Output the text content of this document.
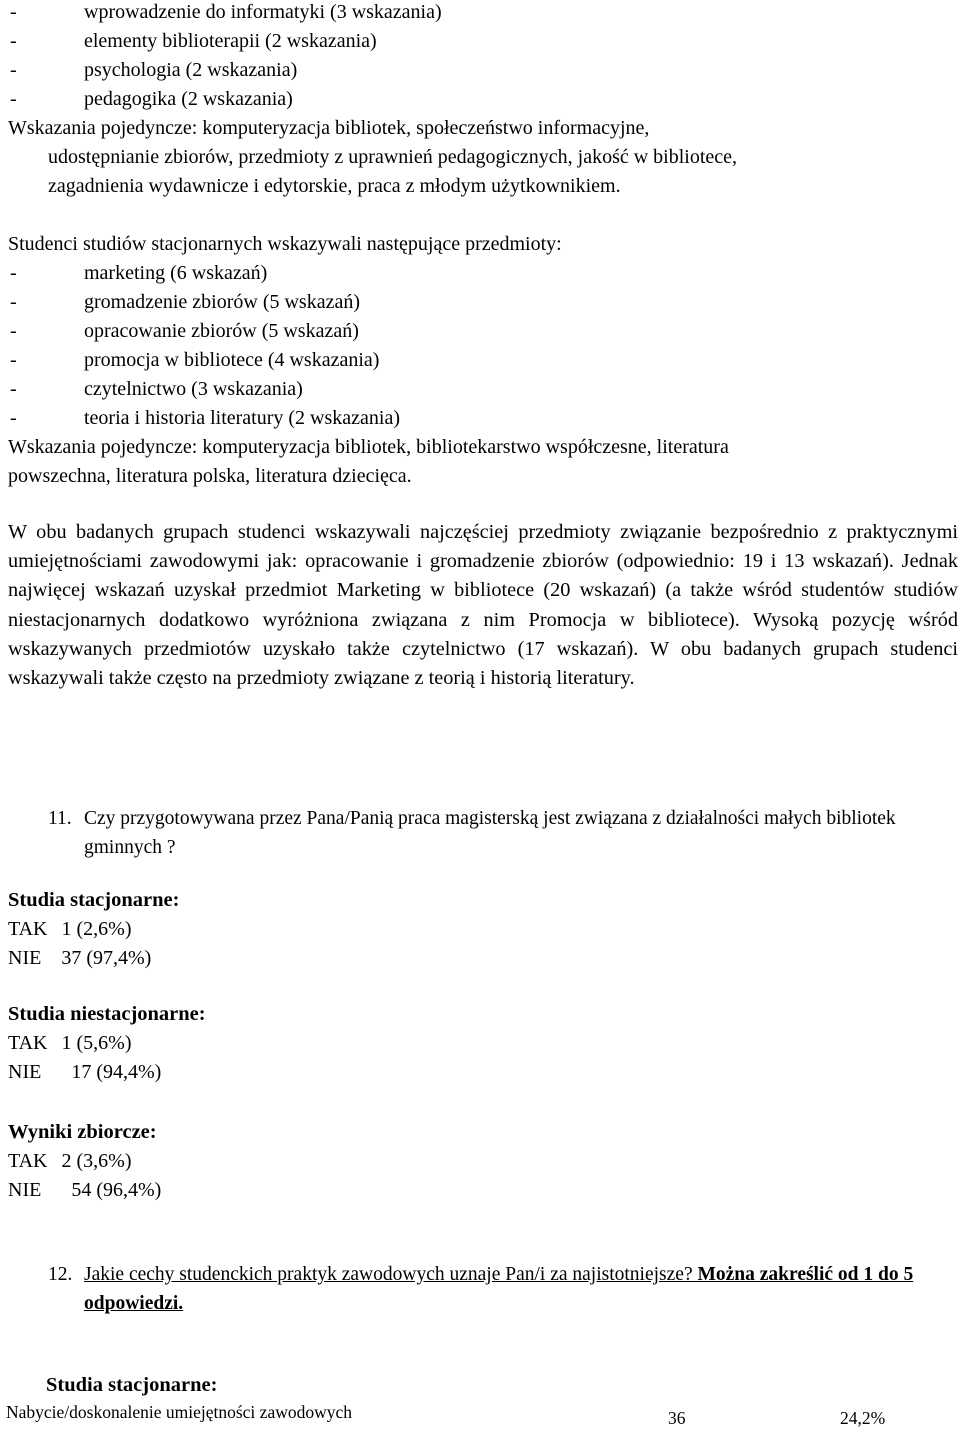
-	wprowadzenie do informatyki (3 wskazania)
-	elementy biblioterapii (2 wskazania)
-	psychologia (2 wskazania)
-	pedagogika (2 wskazania)
Wskazania pojedyncze: komputeryzacja bibliotek, społeczeństwo informacyjne,
udostępnianie zbiorów, przedmioty z uprawnień pedagogicznych, jakość w bibliotece,
zagadnienia wydawnicze i edytorskie, praca z młodym użytkownikiem.
Studenci studiów stacjonarnych wskazywali następujące przedmioty:
-	marketing (6 wskazań)
-	gromadzenie zbiorów (5 wskazań)
-	opracowanie zbiorów (5 wskazań)
-	promocja w bibliotece (4 wskazania)
-	czytelnictwo (3 wskazania)
-	teoria i historia literatury (2 wskazania)
Wskazania pojedyncze: komputeryzacja bibliotek, bibliotekarstwo współczesne, literatura
powszechna, literatura polska, literatura dziecięca.
W obu badanych grupach studenci wskazywali najczęściej przedmioty związanie bezpośrednio z praktycznymi umiejętnościami zawodowymi jak: opracowanie i gromadzenie zbiorów (odpowiednio: 19 i 13 wskazań). Jednak najwięcej wskazań uzyskał przedmiot Marketing w bibliotece (20 wskazań) (a także wśród studentów studiów niestacjonarnych dodatkowo wyróżniona związana z nim Promocja w bibliotece). Wysoką pozycję wśród wskazywanych przedmiotów uzyskało także czytelnictwo (17 wskazań). W obu badanych grupach studenci wskazywali także często na przedmioty związane z teorią i historią literatury.
11. Czy przygotowywana przez Pana/Panią praca magisterską jest związana z działalności małych bibliotek gminnych ?
Studia stacjonarne:
TAK 1 (2,6%)
NIE 37 (97,4%)
Studia niestacjonarne:
TAK 1 (5,6%)
NIE 17 (94,4%)
Wyniki zbiorcze:
TAK 2 (3,6%)
NIE 54 (96,4%)
12. Jakie cechy studenckich praktyk zawodowych uznaje Pan/i za najistotniejsze? Można zakreślić od 1 do 5 odpowiedzi.
Studia stacjonarne:
Nabycie/doskonalenie umiejętności zawodowych	36	24,2%
